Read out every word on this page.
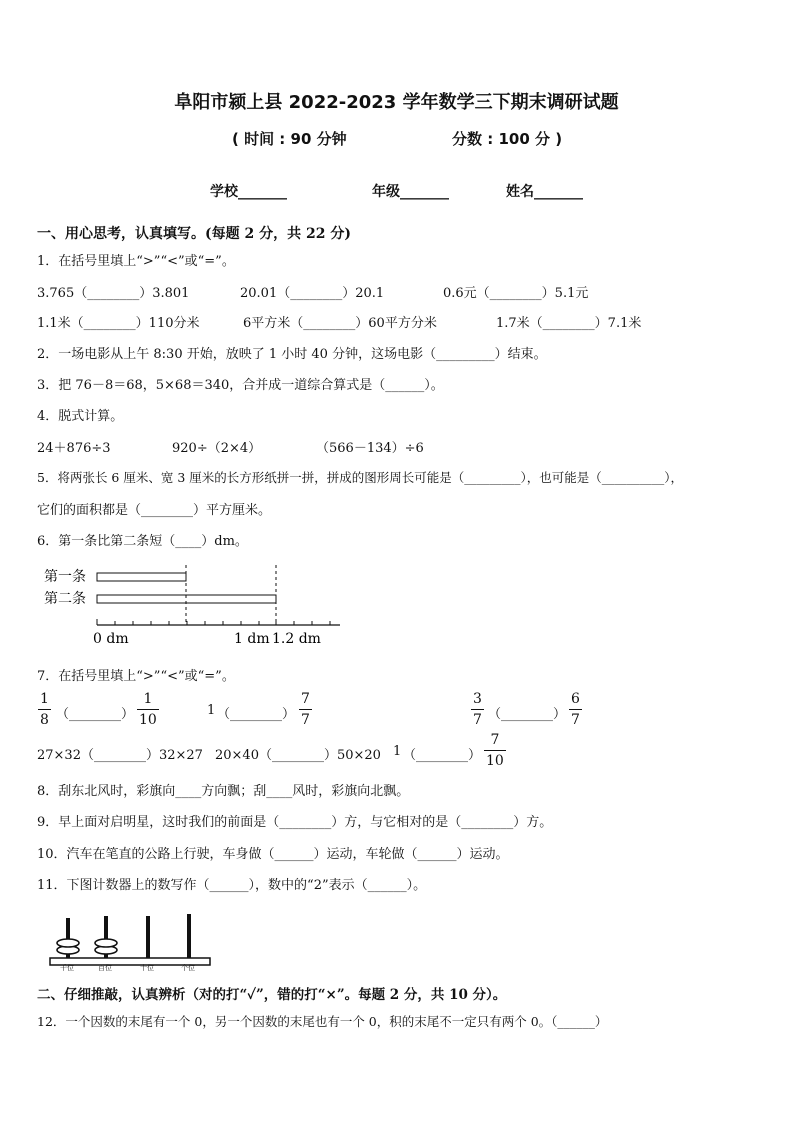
阜阳市颍上县 2022-2023 学年数学三下期末调研试题
( 时间 : 90 分钟	分数 : 100 分 )
学校_______	年级_______	姓名_______
一、用心思考，认真填写。(每题 2 分，共 22 分)
1．在括号里填上“>”“<”或“=”。
3.765（________）3.801	20.01（________）20.1	0.6元（________）5.1元
1.1米（________）110分米	6平方米（________）60平方分米	1.7米（________）7.1米
2．一场电影从上午 8:30 开始，放映了 1 小时 40 分钟，这场电影（_________）结束。
3．把 76－8＝68，5×68＝340，合并成一道综合算式是（______）。
4．脱式计算。
24＋876÷3	920÷（2×4）	（566－134）÷6
5．将两张长 6 厘米、宽 3 厘米的长方形纸拼一拼，拼成的图形周长可能是（_________），也可能是（__________），
它们的面积都是（________）平方厘米。
6．第一条比第二条短（____）dm。
第一条
第二条
0 dm	1 dm 1.2 dm
7．在括号里填上“>”“<”或“=”。
1
8 （________）
1
10
1 （________）
7
7
3
7 （________）
6
7
27×32（________）32×27 20×40（________）50×20 1 （________）
7
10
8．刮东北风时，彩旗向____方向飘；刮____风时，彩旗向北飘。
9．早上面对启明星，这时我们的前面是（________）方，与它相对的是（________）方。
10．汽车在笔直的公路上行驶，车身做（______）运动，车轮做（______）运动。
11．下图计数器上的数写作（______），数中的“2”表示（______）。
千位	百位	十位	个位
二、仔细推敲，认真辨析（对的打“✓”，错的打“×”。每题 2 分，共 10 分）。
12．一个因数的末尾有一个 0，另一个因数的末尾也有一个 0，积的末尾不一定只有两个 0。（______）
